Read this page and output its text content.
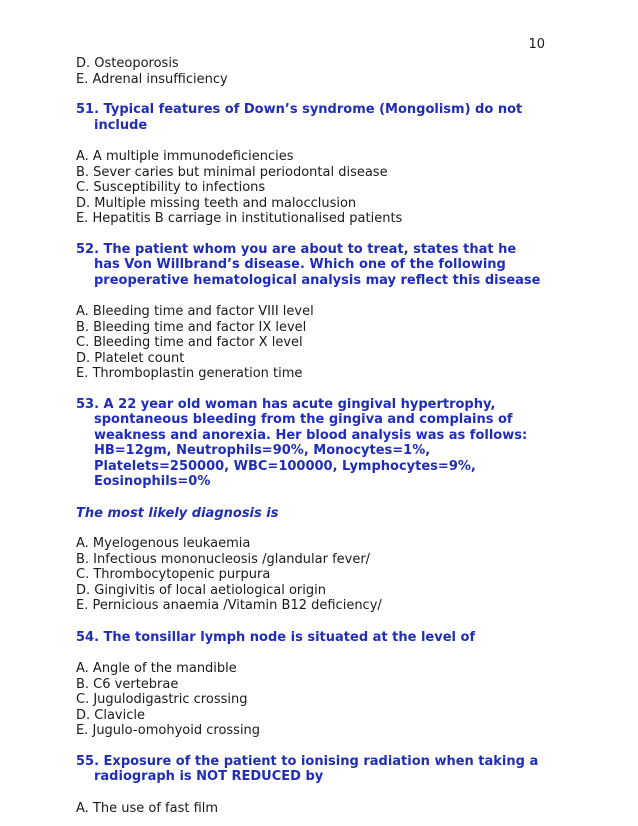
10
D. Osteoporosis
E. Adrenal insufficiency
51. Typical features of Down’s syndrome (Mongolism) do not include
A. A multiple immunodeficiencies
B. Sever caries but minimal periodontal disease
C. Susceptibility to infections
D. Multiple missing teeth and malocclusion
E. Hepatitis B carriage in institutionalised patients
52. The patient whom you are about to treat, states that he has Von Willbrand’s disease. Which one of the following preoperative hematological analysis may reflect this disease
A. Bleeding time and factor VIII level
B. Bleeding time and factor IX level
C. Bleeding time and factor X level
D. Platelet count
E. Thromboplastin generation time
53. A 22 year old woman has acute gingival hypertrophy, spontaneous bleeding from the gingiva and complains of weakness and anorexia. Her blood analysis was as follows: HB=12gm, Neutrophils=90%, Monocytes=1%, Platelets=250000, WBC=100000, Lymphocytes=9%, Eosinophils=0%
The most likely diagnosis is
A. Myelogenous leukaemia
B. Infectious mononucleosis /glandular fever/
C. Thrombocytopenic purpura
D. Gingivitis of local aetiological origin
E. Pernicious anaemia /Vitamin B12 deficiency/
54. The tonsillar lymph node is situated at the level of
A. Angle of the mandible
B. C6 vertebrae
C. Jugulodigastric crossing
D. Clavicle
E. Jugulo-omohyoid crossing
55. Exposure of the patient to ionising radiation when taking a radiograph is NOT REDUCED by
A. The use of fast film
